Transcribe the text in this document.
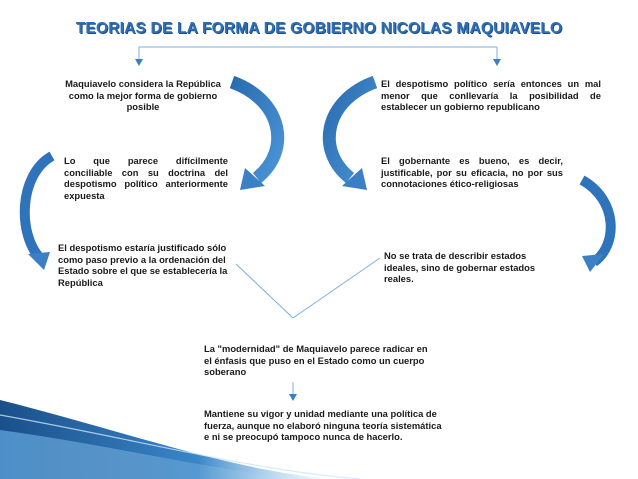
TEORIAS DE LA FORMA DE GOBIERNO NICOLAS MAQUIAVELO
Maquiavelo considera la República como la mejor forma de gobierno posible
El despotismo político sería entonces un mal menor que conllevaría la posibilidad de establecer un gobierno republicano
Lo que parece difícilmente conciliable con su doctrina del despotismo político anteriormente expuesta
El gobernante es bueno, es decir, justificable, por su eficacia, no por sus connotaciones ético-religiosas
El despotismo estaría justificado sólo como paso previo a la ordenación del Estado sobre el que se establecería la República
No se trata de describir estados ideales, sino de gobernar estados reales.
La "modernidad" de Maquiavelo parece radicar en el énfasis que puso en el Estado como un cuerpo soberano
Mantiene su vigor y unidad mediante una política de fuerza, aunque no elaboró ninguna teoría sistemática e ni se preocupó tampoco nunca de hacerlo.
